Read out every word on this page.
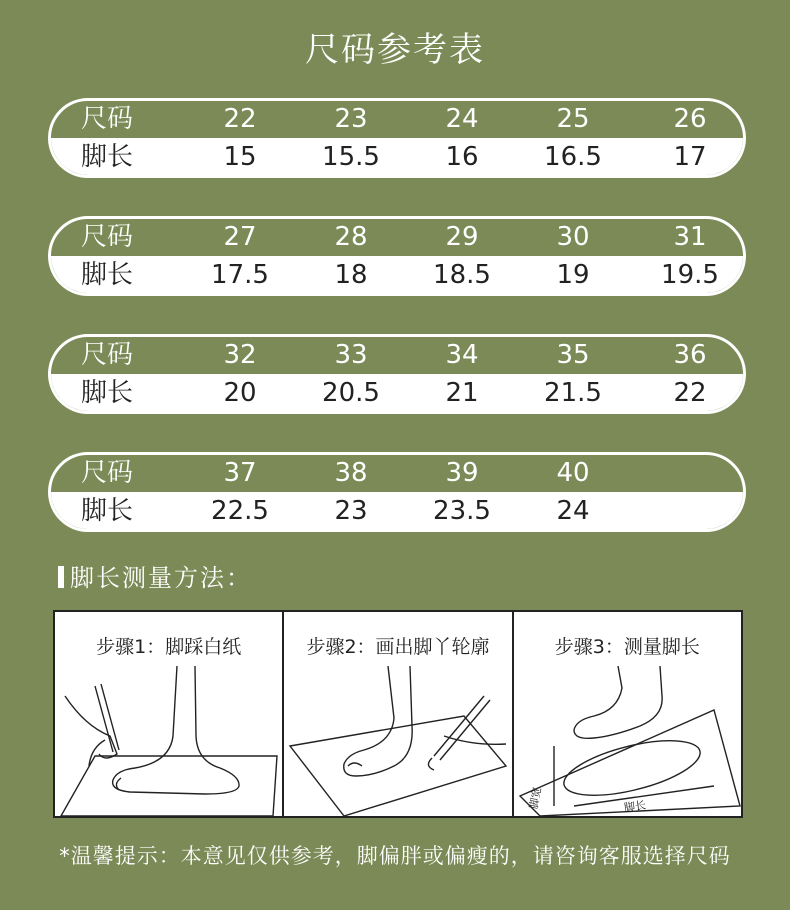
尺码参考表
尺码	22	23	24	25	26
脚长	15	15.5	16	16.5	17
尺码	27	28	29	30	31
脚长	17.5	18	18.5	19	19.5
尺码	32	33	34	35	36
脚长	20	20.5	21	21.5	22
尺码	37	38	39	40
脚长	22.5	23	23.5	24
脚长测量方法：
步骤1：脚踩白纸	步骤2：画出脚丫轮廓	步骤3：测量脚长
脚宽	脚长
*温馨提示：本意见仅供参考，脚偏胖或偏瘦的，请咨询客服选择尺码
